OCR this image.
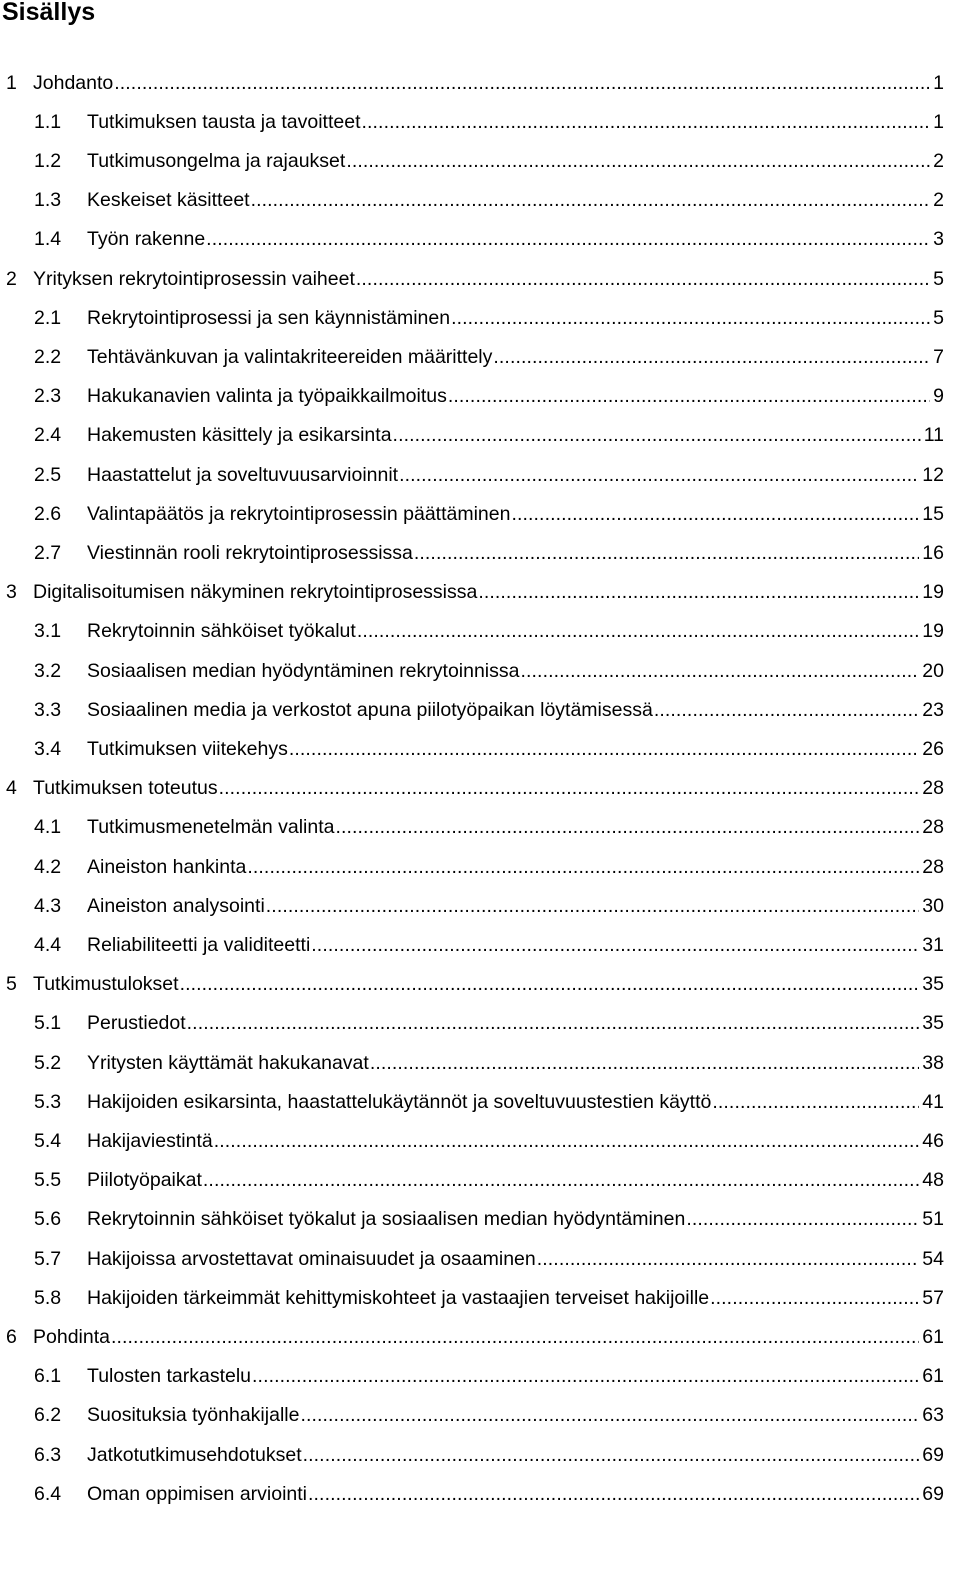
Sisällys
1 Johdanto .....	1
1.1	Tutkimuksen tausta ja tavoitteet .....	1
1.2	Tutkimusongelma ja rajaukset .....	2
1.3	Keskeiset käsitteet .....	2
1.4	Työn rakenne .....	3
2 Yrityksen rekrytointiprosessin vaiheet .....	5
2.1	Rekrytointiprosessi ja sen käynnistäminen .....	5
2.2	Tehtävänkuvan ja valintakriteereiden määrittely .....	7
2.3	Hakukanavien valinta ja työpaikkailmoitus .....	9
2.4	Hakemusten käsittely ja esikarsinta .....	11
2.5	Haastattelut ja soveltuvuusarvioinnit .....	12
2.6	Valintapäätös ja rekrytointiprosessin päättäminen .....	15
2.7	Viestinnän rooli rekrytointiprosessissa .....	16
3 Digitalisoitumisen näkyminen rekrytointiprosessissa .....	19
3.1	Rekrytoinnin sähköiset työkalut .....	19
3.2	Sosiaalisen median hyödyntäminen rekrytoinnissa .....	20
3.3	Sosiaalinen media ja verkostot apuna piilotyöpaikan löytämisessä .....	23
3.4	Tutkimuksen viitekehys .....	26
4 Tutkimuksen toteutus .....	28
4.1	Tutkimusmenetelmän valinta .....	28
4.2	Aineiston hankinta .....	28
4.3	Aineiston analysointi .....	30
4.4	Reliabiliteetti ja validiteetti .....	31
5 Tutkimustulokset .....	35
5.1	Perustiedot .....	35
5.2	Yritysten käyttämät hakukanavat .....	38
5.3	Hakijoiden esikarsinta, haastattelukäytännöt ja soveltuvuustestien käyttö .....	41
5.4	Hakijaviestintä .....	46
5.5	Piilotyöpaikat .....	48
5.6	Rekrytoinnin sähköiset työkalut ja sosiaalisen median hyödyntäminen .....	51
5.7	Hakijoissa arvostettavat ominaisuudet ja osaaminen .....	54
5.8	Hakijoiden tärkeimmät kehittymiskohteet ja vastaajien terveiset hakijoille .....	57
6 Pohdinta .....	61
6.1	Tulosten tarkastelu .....	61
6.2	Suosituksia työnhakijalle .....	63
6.3	Jatkotutkimusehdotukset .....	69
6.4	Oman oppimisen arviointi .....	69
